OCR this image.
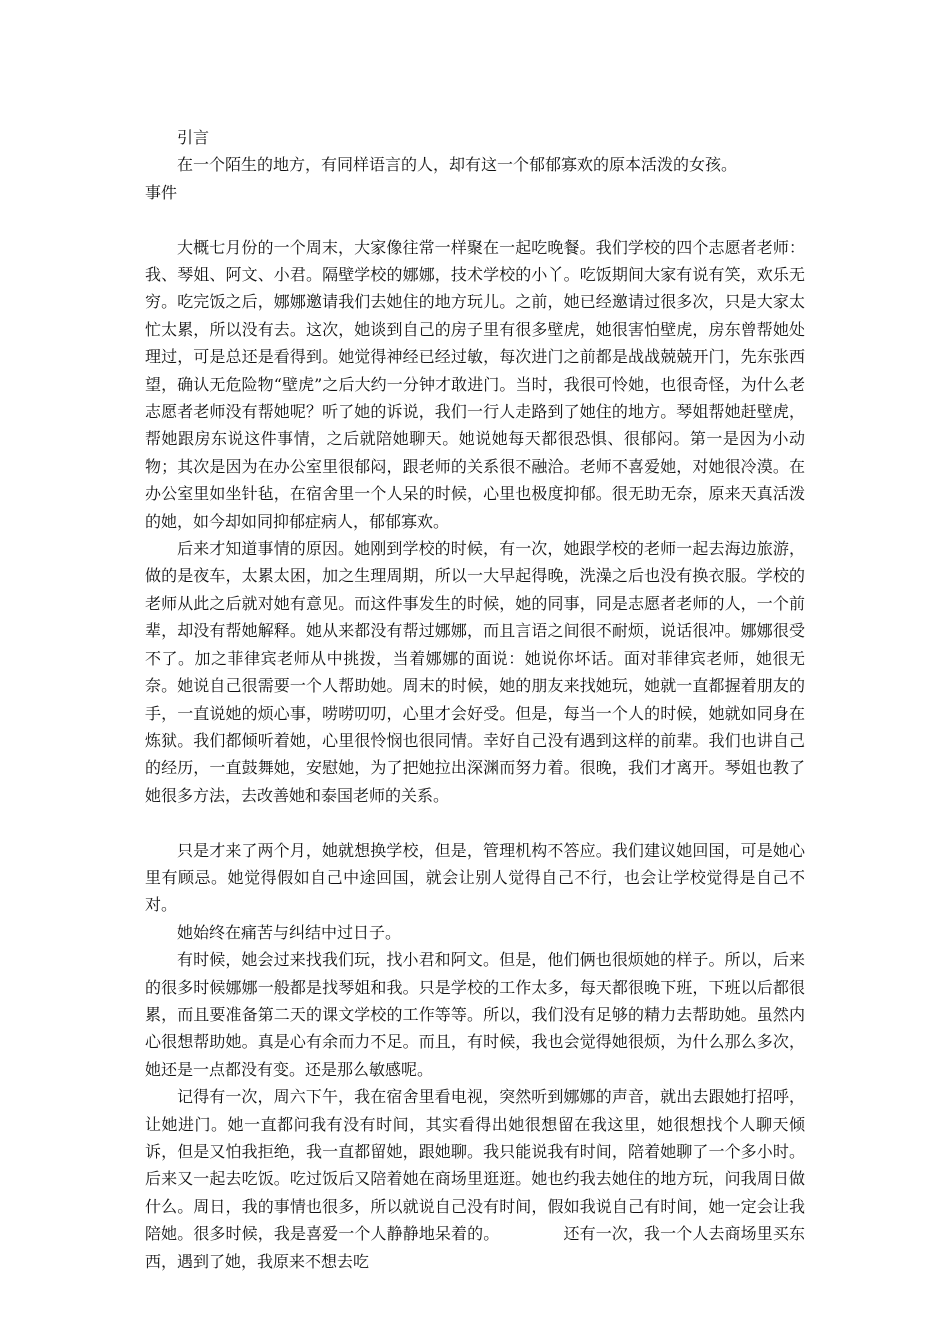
引言

在一个陌生的地方，有同样语言的人，却有这一个郁郁寡欢的原本活泼的女孩。

事件

大概七月份的一个周末，大家像往常一样聚在一起吃晚餐。我们学校的四个志愿者老师：我、琴姐、阿文、小君。隔壁学校的娜娜，技术学校的小丫。吃饭期间大家有说有笑，欢乐无穷。吃完饭之后，娜娜邀请我们去她住的地方玩儿。之前，她已经邀请过很多次，只是大家太忙太累，所以没有去。这次，她谈到自己的房子里有很多壁虎，她很害怕壁虎，房东曾帮她处理过，可是总还是看得到。她觉得神经已经过敏，每次进门之前都是战战兢兢开门，先东张西望，确认无危险物“壁虎”之后大约一分钟才敢进门。当时，我很可怜她，也很奇怪，为什么老志愿者老师没有帮她呢？听了她的诉说，我们一行人走路到了她住的地方。琴姐帮她赶壁虎，帮她跟房东说这件事情，之后就陪她聊天。她说她每天都很恐惧、很郁闷。第一是因为小动物；其次是因为在办公室里很郁闷，跟老师的关系很不融洽。老师不喜爱她，对她很冷漠。在办公室里如坐针毡，在宿舍里一个人呆的时候，心里也极度抑郁。很无助无奈，原来天真活泼的她，如今却如同抑郁症病人，郁郁寡欢。

后来才知道事情的原因。她刚到学校的时候，有一次，她跟学校的老师一起去海边旅游，做的是夜车，太累太困，加之生理周期，所以一大早起得晚，洗澡之后也没有换衣服。学校的老师从此之后就对她有意见。而这件事发生的时候，她的同事，同是志愿者老师的人，一个前辈，却没有帮她解释。她从来都没有帮过娜娜，而且言语之间很不耐烦，说话很冲。娜娜很受不了。加之菲律宾老师从中挑拨，当着娜娜的面说：她说你坏话。面对菲律宾老师，她很无奈。她说自己很需要一个人帮助她。周末的时候，她的朋友来找她玩，她就一直都握着朋友的手，一直说她的烦心事，唠唠叨叨，心里才会好受。但是，每当一个人的时候，她就如同身在炼狱。我们都倾听着她，心里很怜悯也很同情。幸好自己没有遇到这样的前辈。我们也讲自己的经历，一直鼓舞她，安慰她，为了把她拉出深渊而努力着。很晚，我们才离开。琴姐也教了她很多方法，去改善她和泰国老师的关系。

只是才来了两个月，她就想换学校，但是，管理机构不答应。我们建议她回国，可是她心里有顾忌。她觉得假如自己中途回国，就会让别人觉得自己不行，也会让学校觉得是自己不对。

她始终在痛苦与纠结中过日子。

有时候，她会过来找我们玩，找小君和阿文。但是，他们俩也很烦她的样子。所以，后来的很多时候娜娜一般都是找琴姐和我。只是学校的工作太多，每天都很晚下班，下班以后都很累，而且要准备第二天的课文学校的工作等等。所以，我们没有足够的精力去帮助她。虽然内心很想帮助她。真是心有余而力不足。而且，有时候，我也会觉得她很烦，为什么那么多次，她还是一点都没有变。还是那么敏感呢。

记得有一次，周六下午，我在宿舍里看电视，突然听到娜娜的声音，就出去跟她打招呼，让她进门。她一直都问我有没有时间，其实看得出她很想留在我这里，她很想找个人聊天倾诉，但是又怕我拒绝，我一直都留她，跟她聊。我只能说我有时间，陪着她聊了一个多小时。后来又一起去吃饭。吃过饭后又陪着她在商场里逛逛。她也约我去她住的地方玩，问我周日做什么。周日，我的事情也很多，所以就说自己没有时间，假如我说自己有时间，她一定会让我陪她。很多时候，我是喜爱一个人静静地呆着的。	还有一次，我一个人去商场里买东西，遇到了她，我原来不想去吃
